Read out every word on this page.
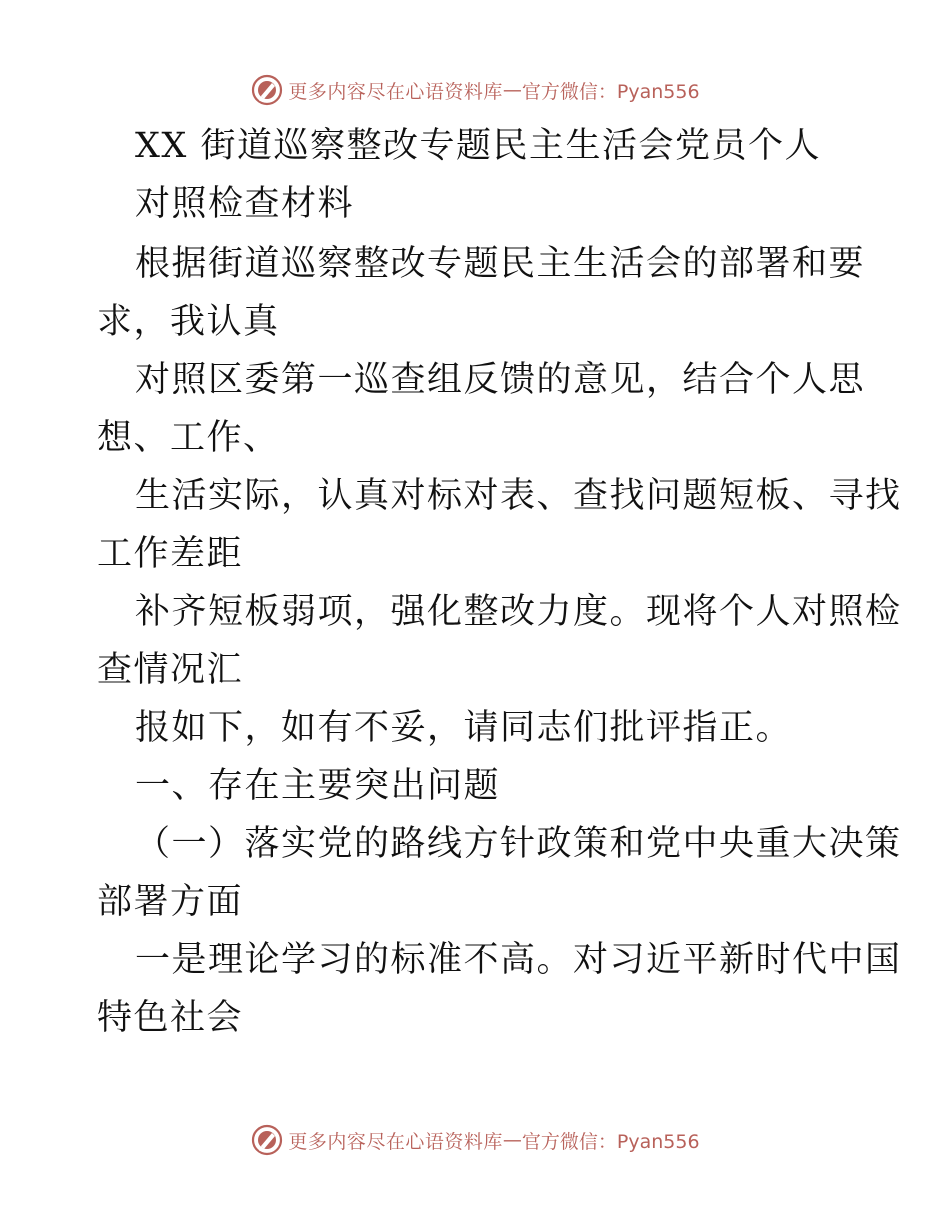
更多内容尽在心语资料库 — 官方微信：Pyan556
XX 街道巡察整改专题民主生活会党员个人
对照检查材料
根据街道巡察整改专题民主生活会的部署和要
求，我认真
对照区委第一巡查组反馈的意见，结合个人思
想、工作、
生活实际，认真对标对表、查找问题短板、寻找
工作差距
补齐短板弱项，强化整改力度。现将个人对照检
查情况汇
报如下，如有不妥，请同志们批评指正。
一、存在主要突出问题
（一）落实党的路线方针政策和党中央重大决策
部署方面
一是理论学习的标准不高。对习近平新时代中国
特色社会
更多内容尽在心语资料库 — 官方微信：Pyan556
